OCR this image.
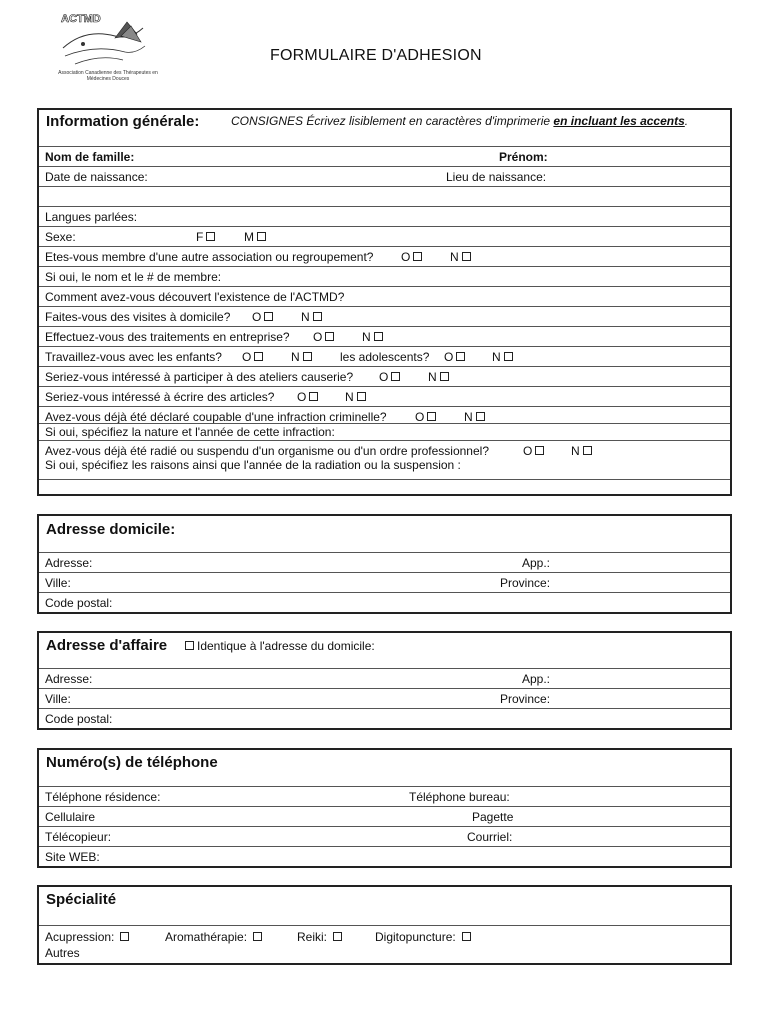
ACTMD
Association Canadienne des Thérapeutes en Médecines Douces
FORMULAIRE D'ADHESION
Information générale:	CONSIGNES Écrivez lisiblement en caractères d'imprimerie en incluant les accents.
Nom de famille:	Prénom:
Date de naissance:	Lieu de naissance:
Langues parlées:
Sexe:	F	M
Etes-vous membre d'une autre association ou regroupement? O	N
Si oui, le nom et le # de membre:
Comment avez-vous découvert l'existence de l'ACTMD?
Faites-vous des visites à domicile? O	N
Effectuez-vous des traitements en entreprise? O	N
Travaillez-vous avec les enfants? O	N	les adolescents? O	N
Seriez-vous intéressé à participer à des ateliers causerie? O	N
Seriez-vous intéressé à écrire des articles? O	N
Avez-vous déjà été déclaré coupable d'une infraction criminelle? O	N
Si oui, spécifiez la nature et l'année de cette infraction:
Avez-vous déjà été radié ou suspendu d'un organisme ou d'un ordre professionnel?	O	N
Si oui, spécifiez les raisons ainsi que l'année de la radiation ou la suspension :
Adresse domicile:
Adresse:	App.:
Ville:	Province:
Code postal:
Adresse d'affaire	Identique à l'adresse du domicile:
Adresse:	App.:
Ville:	Province:
Code postal:
Numéro(s) de téléphone
Téléphone résidence:	Téléphone bureau:
Cellulaire	Pagette
Télécopieur:	Courriel:
Site WEB:
Spécialité
Acupression:	Aromathérapie:	Reiki:	Digitopuncture:
Autres
